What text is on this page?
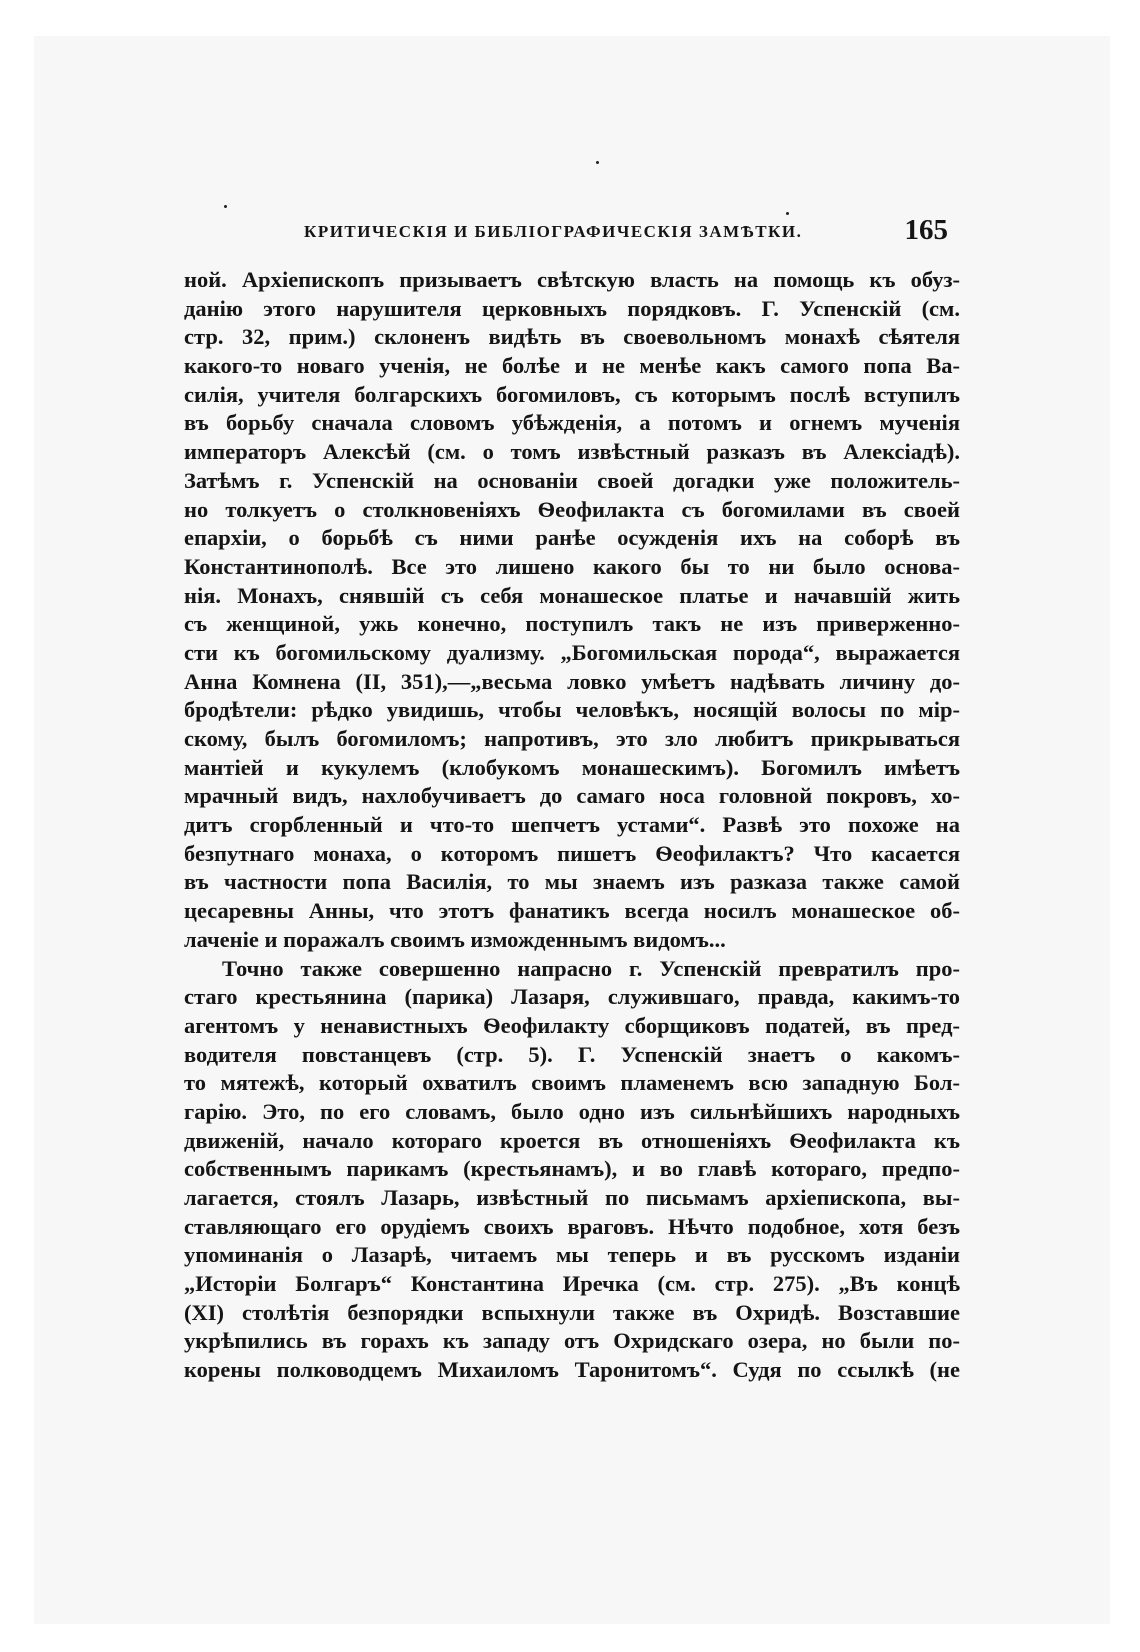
КРИТИЧЕСКІЯ И БИБЛІОГРАФИЧЕСКІЯ ЗАМѢТКИ.	165
ной. Архіепископъ призываетъ свѣтскую власть на помощь къ обуз-
данію этого нарушителя церковныхъ порядковъ. Г. Успенскій (см.
стр. 32, прим.) склоненъ видѣть въ своевольномъ монахѣ сѣятеля
какого-то новаго ученія, не болѣе и не менѣе какъ самого попа Ва-
силія, учителя болгарскихъ богомиловъ, съ которымъ послѣ вступилъ
въ борьбу сначала словомъ убѣжденія, а потомъ и огнемъ мученія
императоръ Алексѣй (см. о томъ извѣстный разказъ въ Алексіадѣ).
Затѣмъ г. Успенскій на основаніи своей догадки уже положитель-
но толкуетъ о столкновеніяхъ Ѳеофилакта съ богомилами въ своей
епархіи, о борьбѣ съ ними ранѣе осужденія ихъ на соборѣ въ
Константинополѣ. Все это лишено какого бы то ни было основа-
нія. Монахъ, снявшій съ себя монашеское платье и начавшій жить
съ женщиной, ужь конечно, поступилъ такъ не изъ приверженно-
сти къ богомильскому дуализму. „Богомильская порода“, выражается
Анна Комнена (II, 351),—„весьма ловко умѣетъ надѣвать личину до-
бродѣтели: рѣдко увидишь, чтобы человѣкъ, носящій волосы по мір-
скому, былъ богомиломъ; напротивъ, это зло любитъ прикрываться
мантіей и кукулемъ (клобукомъ монашескимъ). Богомилъ имѣетъ
мрачный видъ, нахлобучиваетъ до самаго носа головной покровъ, хо-
дитъ сгорбленный и что-то шепчетъ устами“. Развѣ это похоже на
безпутнаго монаха, о которомъ пишетъ Ѳеофилактъ? Что касается
въ частности попа Василія, то мы знаемъ изъ разказа также самой
цесаревны Анны, что этотъ фанатикъ всегда носилъ монашеское об-
лаченіе и поражалъ своимъ изможденнымъ видомъ...
Точно также совершенно напрасно г. Успенскій превратилъ про-
стаго крестьянина (парика) Лазаря, служившаго, правда, какимъ-то
агентомъ у ненавистныхъ Ѳеофилакту сборщиковъ податей, въ пред-
водителя повстанцевъ (стр. 5). Г. Успенскій знаетъ о какомъ-
то мятежѣ, который охватилъ своимъ пламенемъ всю западную Бол-
гарію. Это, по его словамъ, было одно изъ сильнѣйшихъ народныхъ
движеній, начало котораго кроется въ отношеніяхъ Ѳеофилакта къ
собственнымъ парикамъ (крестьянамъ), и во главѣ котораго, предпо-
лагается, стоялъ Лазарь, извѣстный по письмамъ архіепископа, вы-
ставляющаго его орудіемъ своихъ враговъ. Нѣчто подобное, хотя безъ
упоминанія о Лазарѣ, читаемъ мы теперь и въ русскомъ изданіи
„Исторіи Болгаръ“ Константина Иречка (см. стр. 275). „Въ концѣ
(XI) столѣтія безпорядки вспыхнули также въ Охридѣ. Возставшие
укрѣпились въ горахъ къ западу отъ Охридскаго озера, но были по-
корены полководцемъ Михаиломъ Таронитомъ“. Судя по ссылкѣ (не
